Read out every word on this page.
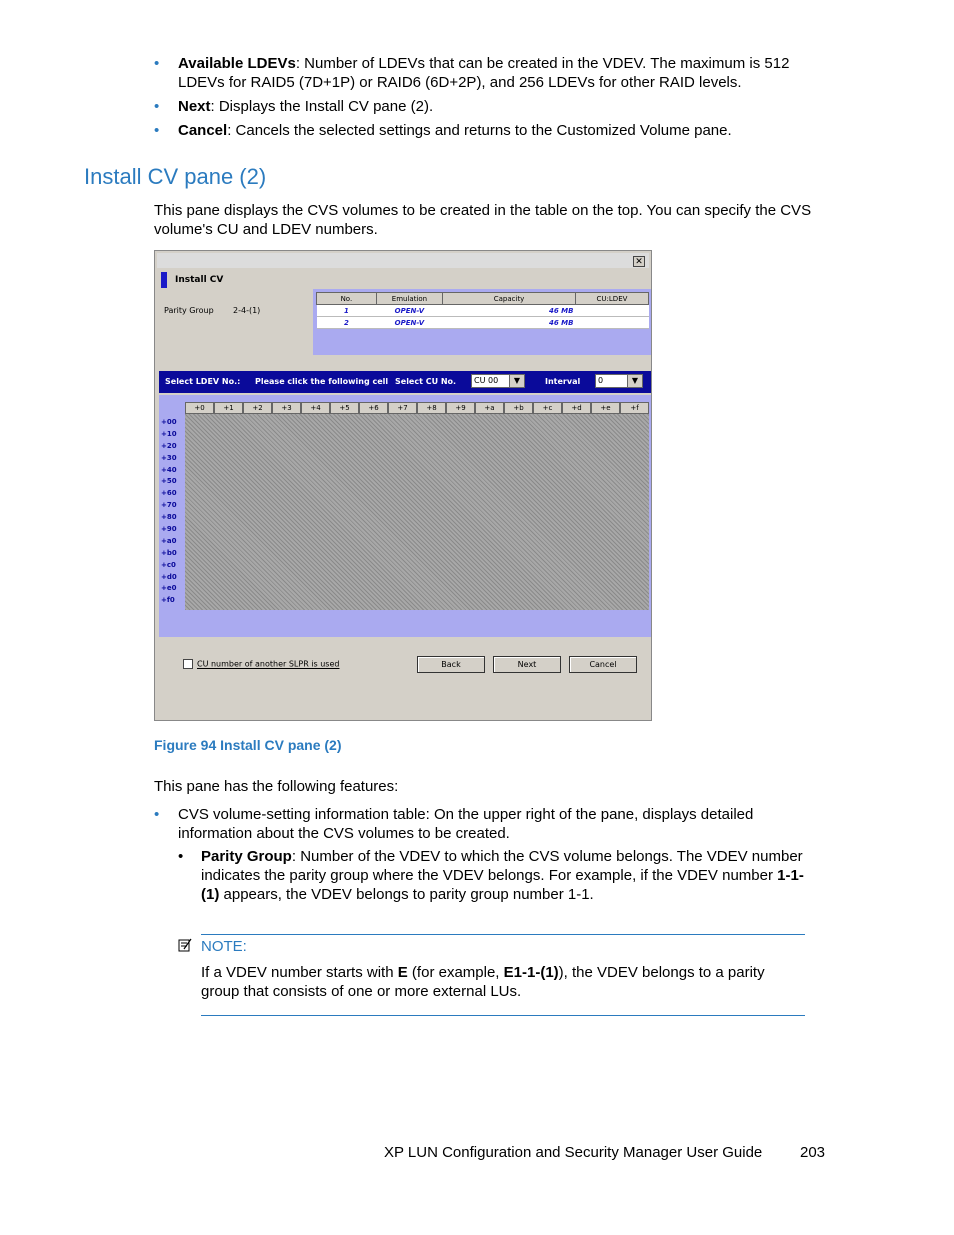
• Available LDEVs: Number of LDEVs that can be created in the VDEV. The maximum is 512 LDEVs for RAID5 (7D+1P) or RAID6 (6D+2P), and 256 LDEVs for other RAID levels.
• Next: Displays the Install CV pane (2).
• Cancel: Cancels the selected settings and returns to the Customized Volume pane.
Install CV pane (2)

This pane displays the CVS volumes to be created in the table on the top. You can specify the CVS volume's CU and LDEV numbers.

✕
Install CV
Parity Group 2-4-(1)
No.	Emulation	Capacity	CU:LDEV
1	OPEN-V	46 MB	
2	OPEN-V	46 MB	
Select LDEV No.: Please click the following cell Select CU No.	CU 00	▼	Interval	0	▼
+0	+1	+2	+3	+4	+5	+6	+7	+8	+9	+a	+b	+c	+d	+e	+f
+00
+10
+20
+30
+40
+50
+60
+70
+80
+90
+a0
+b0
+c0
+d0
+e0
+f0
CU number of another SLPR is used	Back	Next	Cancel
Figure 94 Install CV pane (2)

This pane has the following features:

• CVS volume-setting information table: On the upper right of the pane, displays detailed information about the CVS volumes to be created.
• Parity Group: Number of the VDEV to which the CVS volume belongs. The VDEV number indicates the parity group where the VDEV belongs. For example, if the VDEV number 1-1-(1) appears, the VDEV belongs to parity group number 1-1.
NOTE:
If a VDEV number starts with E (for example, E1-1-(1)), the VDEV belongs to a parity group that consists of one or more external LUs.
XP LUN Configuration and Security Manager User Guide	203
